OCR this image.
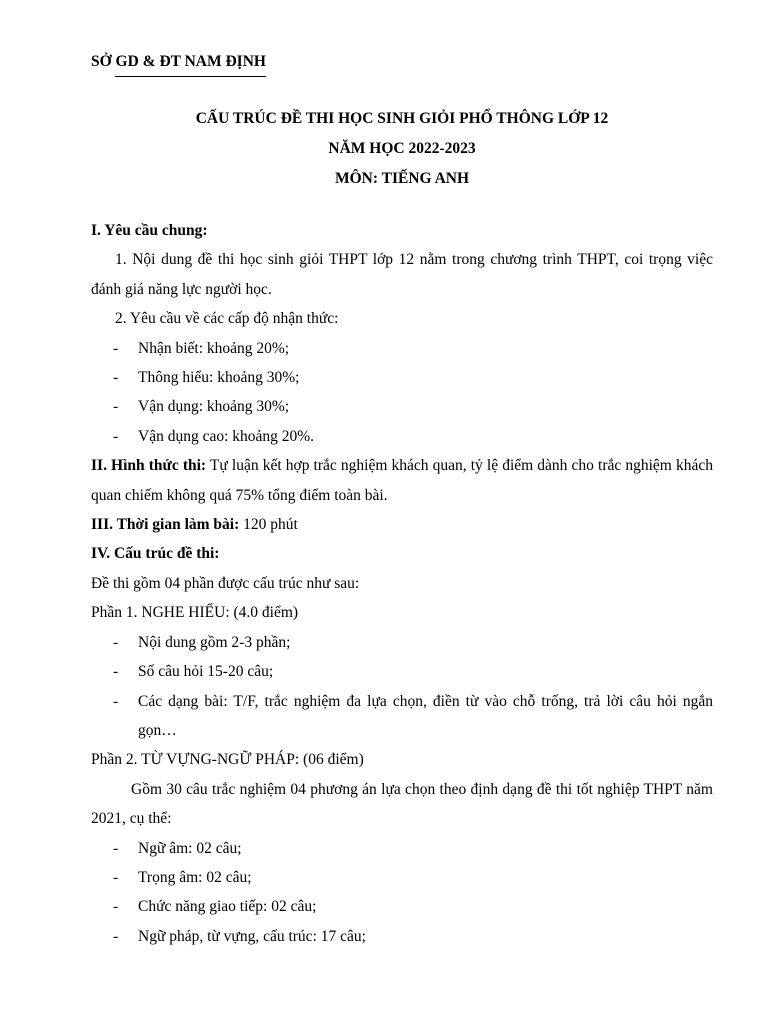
SỞ GD & ĐT NAM ĐỊNH
CẤU TRÚC ĐỀ THI HỌC SINH GIỎI PHỔ THÔNG LỚP 12
NĂM HỌC 2022-2023
MÔN: TIẾNG ANH
I. Yêu cầu chung:
1. Nội dung đề thi học sinh giỏi THPT lớp 12 nằm trong chương trình THPT, coi trọng việc đánh giá năng lực người học.
2. Yêu cầu về các cấp độ nhận thức:
- Nhận biết: khoảng 20%;
- Thông hiểu: khoảng 30%;
- Vận dụng: khoảng 30%;
- Vận dụng cao: khoảng 20%.
II. Hình thức thi: Tự luận kết hợp trắc nghiệm khách quan, tỷ lệ điểm dành cho trắc nghiệm khách quan chiếm không quá 75% tổng điểm toàn bài.
III. Thời gian làm bài: 120 phút
IV. Cấu trúc đề thi:
Đề thi gồm 04 phần được cấu trúc như sau:
Phần 1. NGHE HIỂU: (4.0 điểm)
- Nội dung gồm 2-3 phần;
- Số câu hỏi 15-20 câu;
- Các dạng bài: T/F, trắc nghiệm đa lựa chọn, điền từ vào chỗ trống, trả lời câu hỏi ngắn gọn…
Phần 2. TỪ VỰNG-NGỮ PHÁP: (06 điểm)
Gồm 30 câu trắc nghiệm 04 phương án lựa chọn theo định dạng đề thi tốt nghiệp THPT năm 2021, cụ thể:
- Ngữ âm: 02 câu;
- Trọng âm: 02 câu;
- Chức năng giao tiếp: 02 câu;
- Ngữ pháp, từ vựng, cấu trúc: 17 câu;
